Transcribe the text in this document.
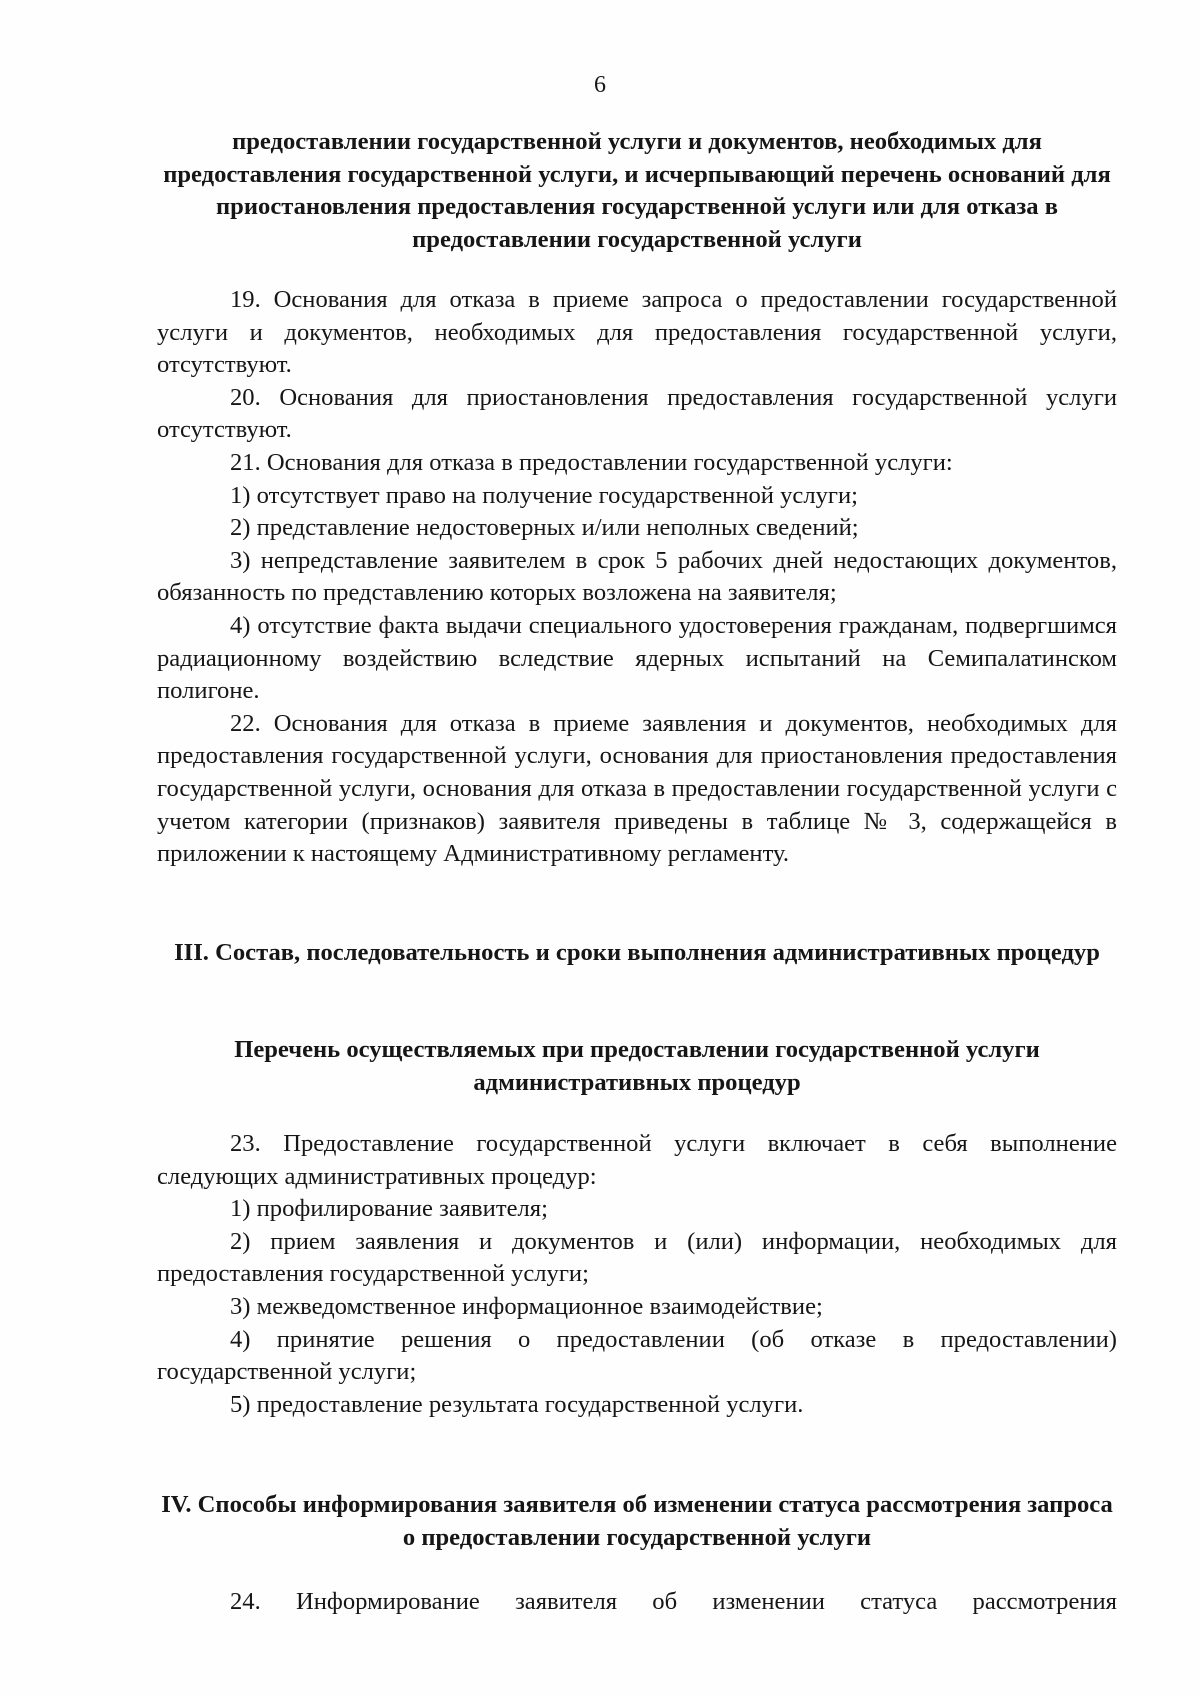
6

предоставлении государственной услуги и документов, необходимых для предоставления государственной услуги, и исчерпывающий перечень оснований для приостановления предоставления государственной услуги или для отказа в предоставлении государственной услуги

19. Основания для отказа в приеме запроса о предоставлении государственной услуги и документов, необходимых для предоставления государственной услуги, отсутствуют.

20. Основания для приостановления предоставления государственной услуги отсутствуют.

21. Основания для отказа в предоставлении государственной услуги:

1) отсутствует право на получение государственной услуги;

2) представление недостоверных и/или неполных сведений;

3) непредставление заявителем в срок 5 рабочих дней недостающих документов, обязанность по представлению которых возложена на заявителя;

4) отсутствие факта выдачи специального удостоверения гражданам, подвергшимся радиационному воздействию вследствие ядерных испытаний на Семипалатинском полигоне.

22. Основания для отказа в приеме заявления и документов, необходимых для предоставления государственной услуги, основания для приостановления предоставления государственной услуги, основания для отказа в предоставлении государственной услуги с учетом категории (признаков) заявителя приведены в таблице № 3, содержащейся в приложении к настоящему Административному регламенту.

III. Состав, последовательность и сроки выполнения административных процедур

Перечень осуществляемых при предоставлении государственной услуги административных процедур

23. Предоставление государственной услуги включает в себя выполнение следующих административных процедур:

1) профилирование заявителя;

2) прием заявления и документов и (или) информации, необходимых для предоставления государственной услуги;

3) межведомственное информационное взаимодействие;

4) принятие решения о предоставлении (об отказе в предоставлении) государственной услуги;

5) предоставление результата государственной услуги.

IV. Способы информирования заявителя об изменении статуса рассмотрения запроса о предоставлении государственной услуги

24. Информирование заявителя об изменении статуса рассмотрения
